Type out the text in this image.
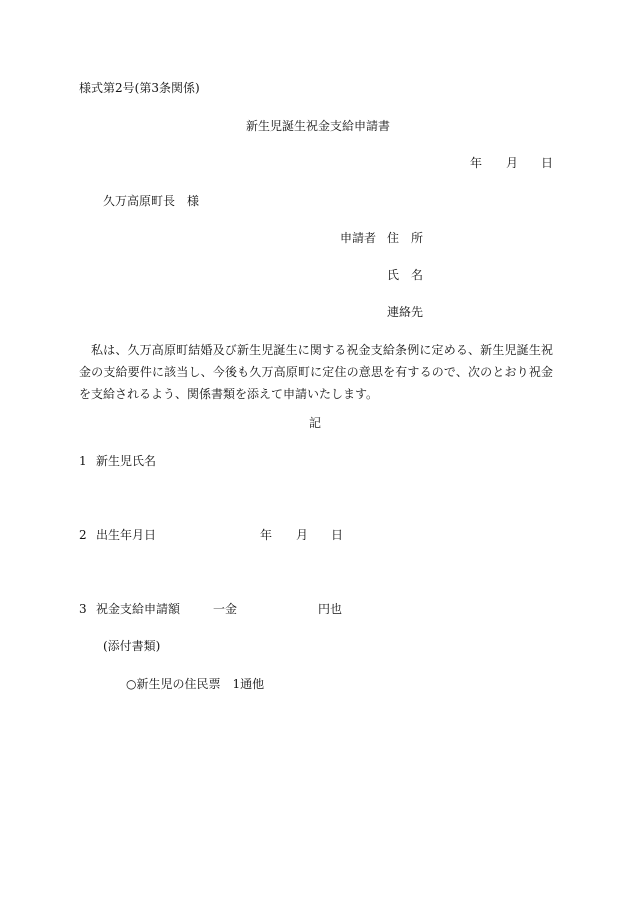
様式第2号(第3条関係)
新生児誕生祝金支給申請書
年 月 日
久万高原町長　様
申請者 住　所
氏　名
連絡先
私は、久万高原町結婚及び新生児誕生に関する祝金支給条例に定める、新生児誕生祝金の支給要件に該当し、今後も久万高原町に定住の意思を有するので、次のとおり祝金を支給されるよう、関係書類を添えて申請いたします。
記
1 新生児氏名
2 出生年月日	年 月 日
3 祝金支給申請額	一金	円也
(添付書類)
○新生児の住民票　1通他
